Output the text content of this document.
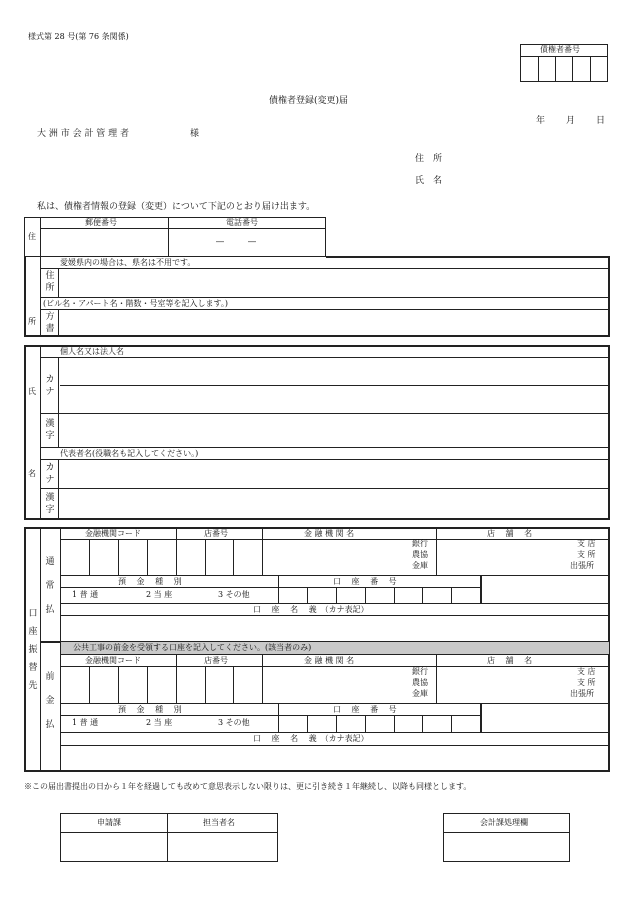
様式第 28 号(第 76 条関係)
債権者番号
債権者登録(変更)届
年 月 日
大 洲 市 会 計 管 理 者	様
住　所
氏　名
私は、債権者情報の登録（変更）について下記のとおり届け出ます。
郵便番号	電話番号
―　　　―
住
所
愛媛県内の場合は、県名は不用です。
住所
(ビル名・アパート名・階数・号室等を記入します。)
方書
氏
名
個人名又は法人名
カナ
漢字
代表者名(役職名も記入してください。)
カナ
漢字
口座振替先
通常払
金融機関コード	店番号	金 融 機 関 名	店　 舗　 名
銀行
農協
金庫
支 店
支 所
出張所
預　 金　 種　 別	口　 座　 番　 号
1 普 通	2 当 座	3 その他
口　 座　 名　 義　（カナ表記）
公共工事の前金を受領する口座を記入してください。(該当者のみ)
前金払
金融機関コード	店番号	金 融 機 関 名	店　 舗　 名
銀行
農協
金庫
支 店
支 所
出張所
預　 金　 種　 別	口　 座　 番　 号
1 普 通	2 当 座	3 その他
口　 座　 名　 義　（カナ表記）
※この届出書提出の日から１年を経過しても改めて意思表示しない限りは、更に引き続き１年継続し、以降も同様とします。
申請課	担当者名	会計課処理欄
